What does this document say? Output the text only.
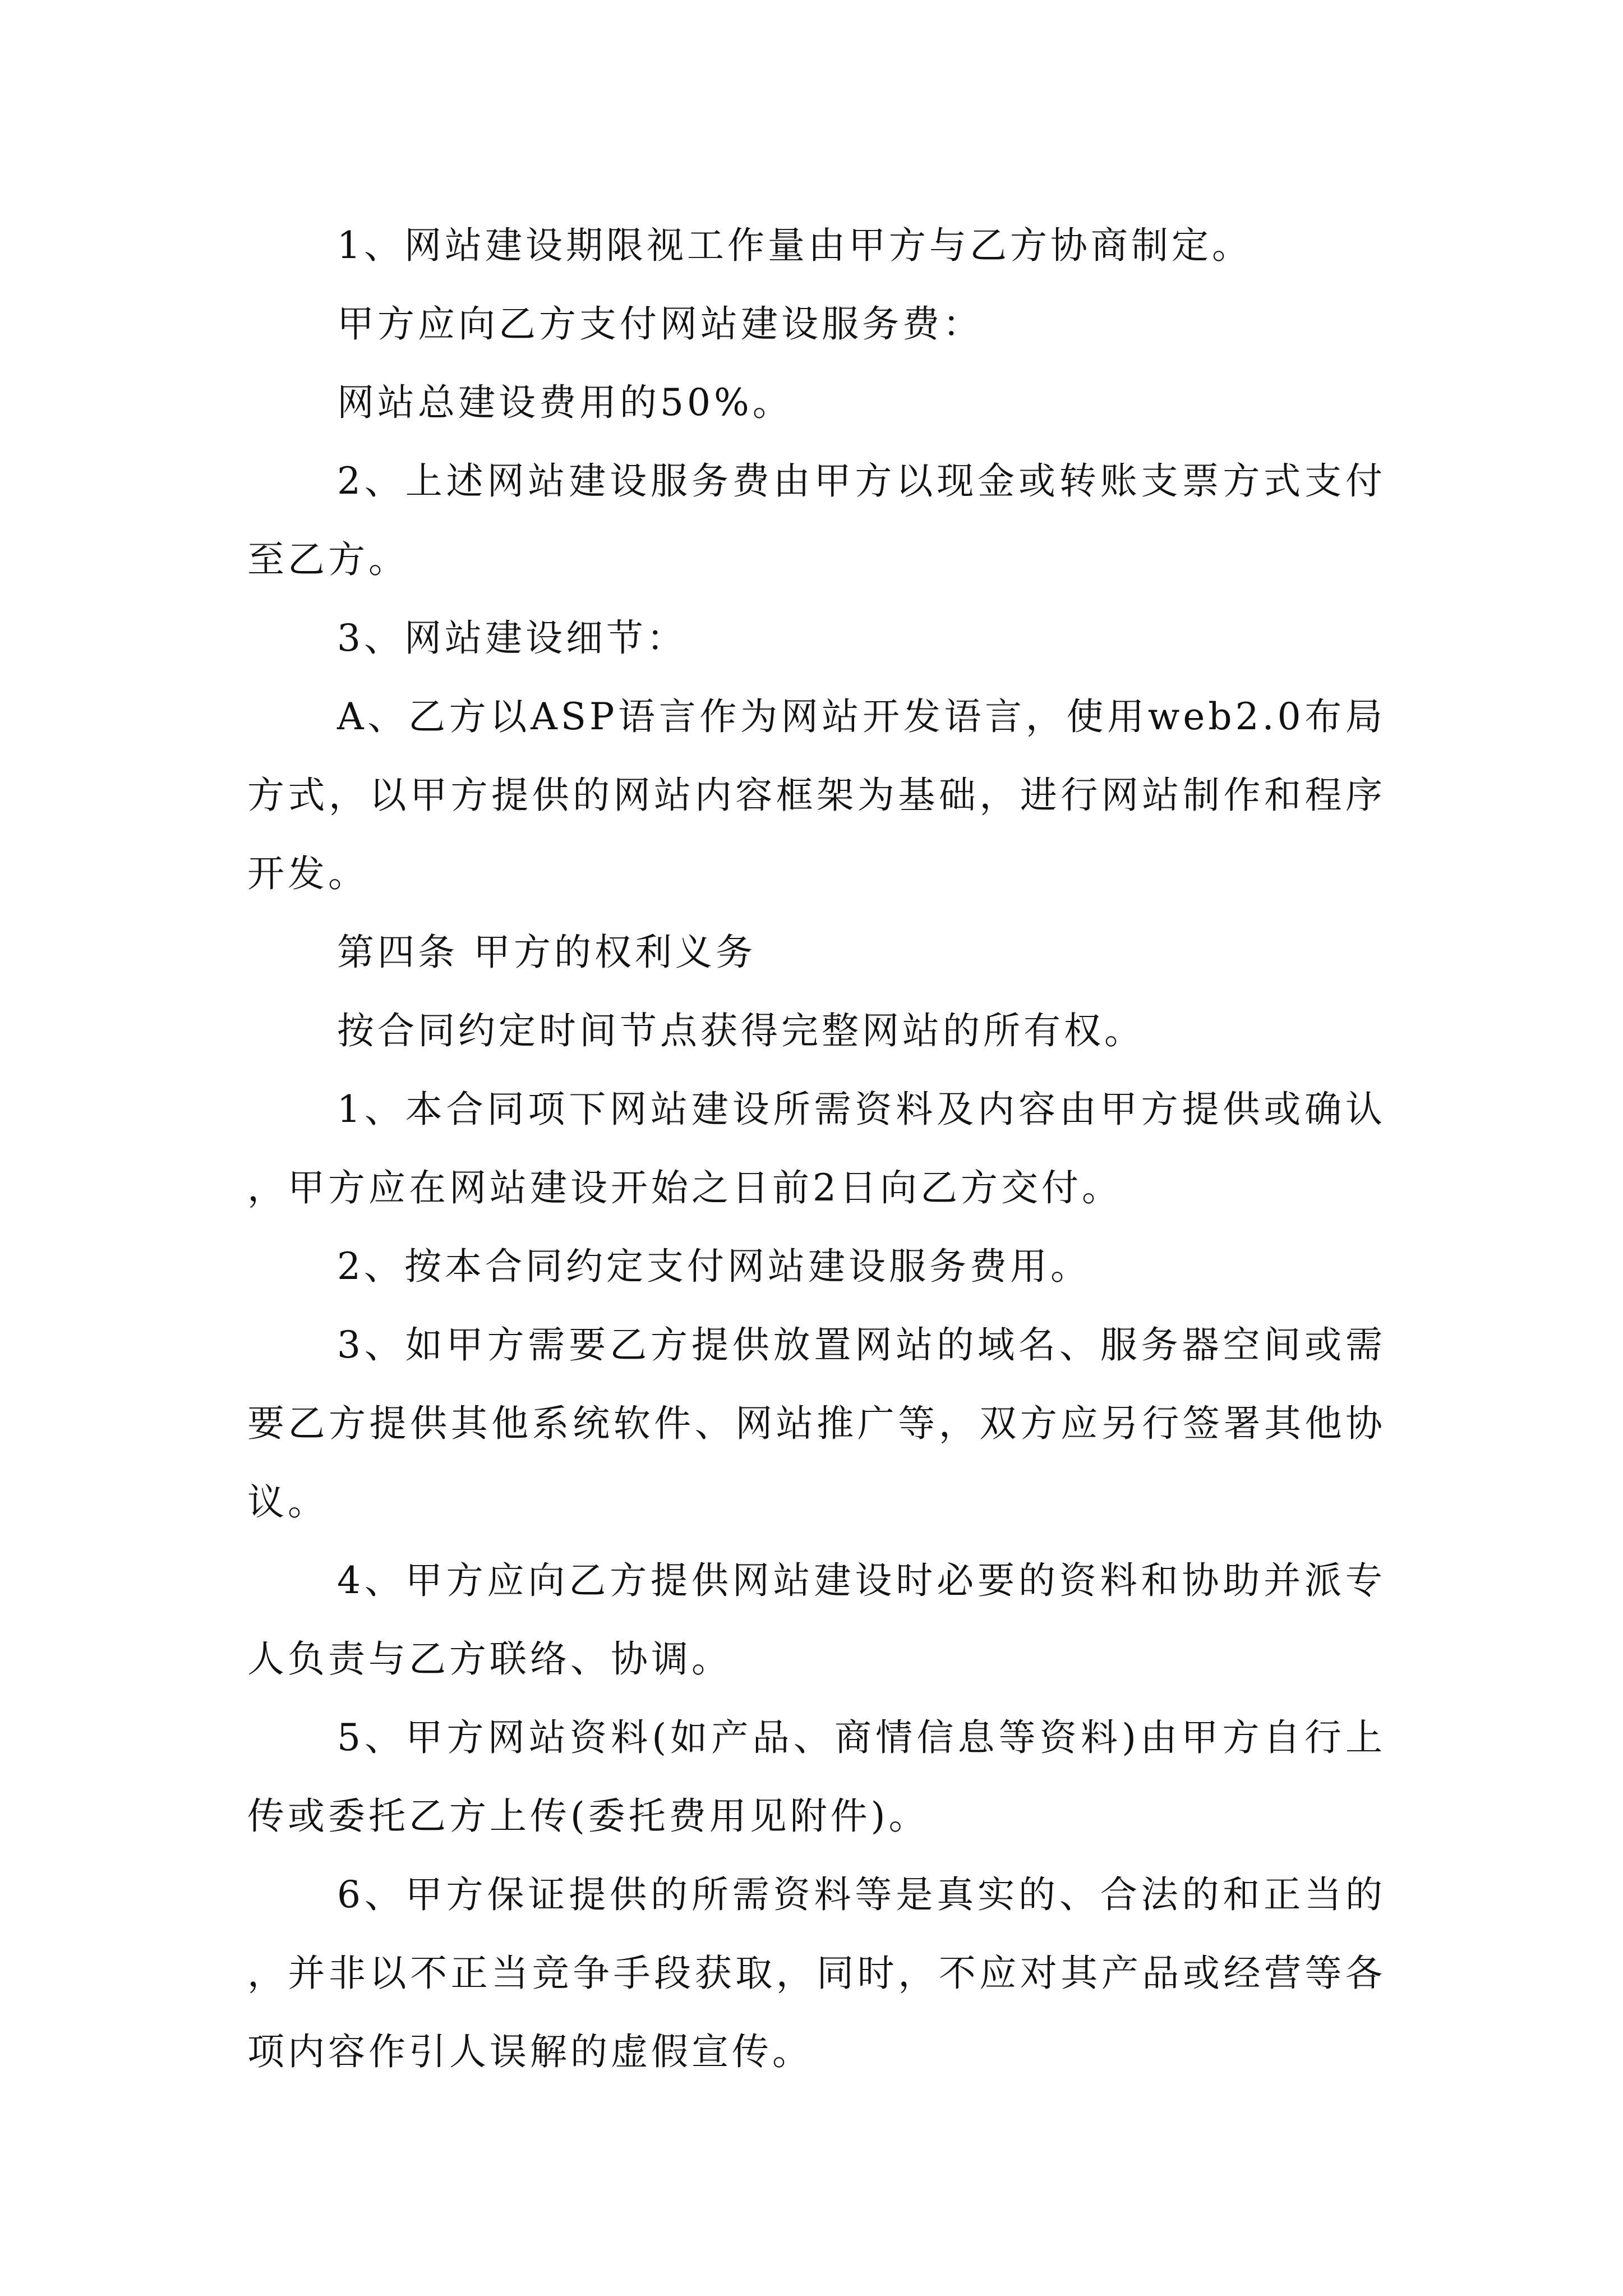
1、网站建设期限视工作量由甲方与乙方协商制定。

甲方应向乙方支付网站建设服务费：

网站总建设费用的50%。

2、上述网站建设服务费由甲方以现金或转账支票方式支付至乙方。

3、网站建设细节：

A、乙方以ASP语言作为网站开发语言，使用web2.0布局方式，以甲方提供的网站内容框架为基础，进行网站制作和程序开发。

第四条 甲方的权利义务

按合同约定时间节点获得完整网站的所有权。

1、本合同项下网站建设所需资料及内容由甲方提供或确认，甲方应在网站建设开始之日前2日向乙方交付。

2、按本合同约定支付网站建设服务费用。

3、如甲方需要乙方提供放置网站的域名、服务器空间或需要乙方提供其他系统软件、网站推广等，双方应另行签署其他协议。

4、甲方应向乙方提供网站建设时必要的资料和协助并派专人负责与乙方联络、协调。

5、甲方网站资料(如产品、商情信息等资料)由甲方自行上传或委托乙方上传(委托费用见附件)。

6、甲方保证提供的所需资料等是真实的、合法的和正当的，并非以不正当竞争手段获取，同时，不应对其产品或经营等各项内容作引人误解的虚假宣传。
